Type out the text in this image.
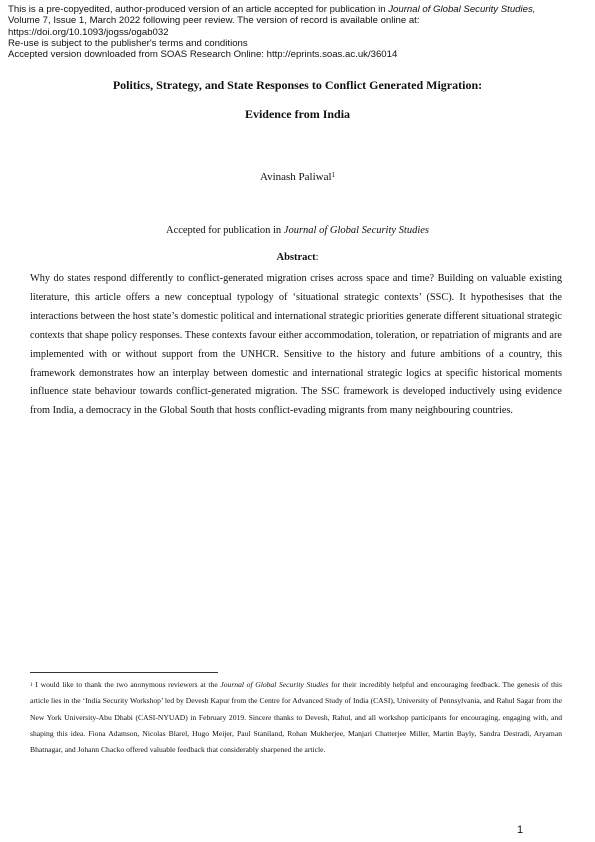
This is a pre-copyedited, author-produced version of an article accepted for publication in Journal of Global Security Studies,
Volume 7, Issue 1, March 2022 following peer review. The version of record is available online at:
https://doi.org/10.1093/jogss/ogab032
Re-use is subject to the publisher's terms and conditions
Accepted version downloaded from SOAS Research Online: http://eprints.soas.ac.uk/36014
Politics, Strategy, and State Responses to Conflict Generated Migration:
Evidence from India
Avinash Paliwal$^1$
Accepted for publication in Journal of Global Security Studies
Abstract:

Why do states respond differently to conflict-generated migration crises across space and time? Building on valuable existing literature, this article offers a new conceptual typology of ‘situational strategic contexts’ (SSC). It hypothesises that the interactions between the host state’s domestic political and international strategic priorities generate different situational strategic contexts that shape policy responses. These contexts favour either accommodation, toleration, or repatriation of migrants and are implemented with or without support from the UNHCR. Sensitive to the history and future ambitions of a country, this framework demonstrates how an interplay between domestic and international strategic logics at specific historical moments influence state behaviour towards conflict-generated migration. The SSC framework is developed inductively using evidence from India, a democracy in the Global South that hosts conflict-evading migrants from many neighbouring countries.

$^1$ I would like to thank the two anonymous reviewers at the Journal of Global Security Studies for their incredibly helpful and encouraging feedback. The genesis of this article lies in the ‘India Security Workshop’ led by Devesh Kapur from the Centre for Advanced Study of India (CASI), University of Pennsylvania, and Rahul Sagar from the New York University-Abu Dhabi (CASI-NYUAD) in February 2019. Sincere thanks to Devesh, Rahul, and all workshop participants for encouraging, engaging with, and shaping this idea. Fiona Adamson, Nicolas Blarel, Hugo Meijer, Paul Staniland, Rohan Mukherjee, Manjari Chatterjee Miller, Martin Bayly, Sandra Destradi, Aryaman Bhatnagar, and Johann Chacko offered valuable feedback that considerably sharpened the article.

1
